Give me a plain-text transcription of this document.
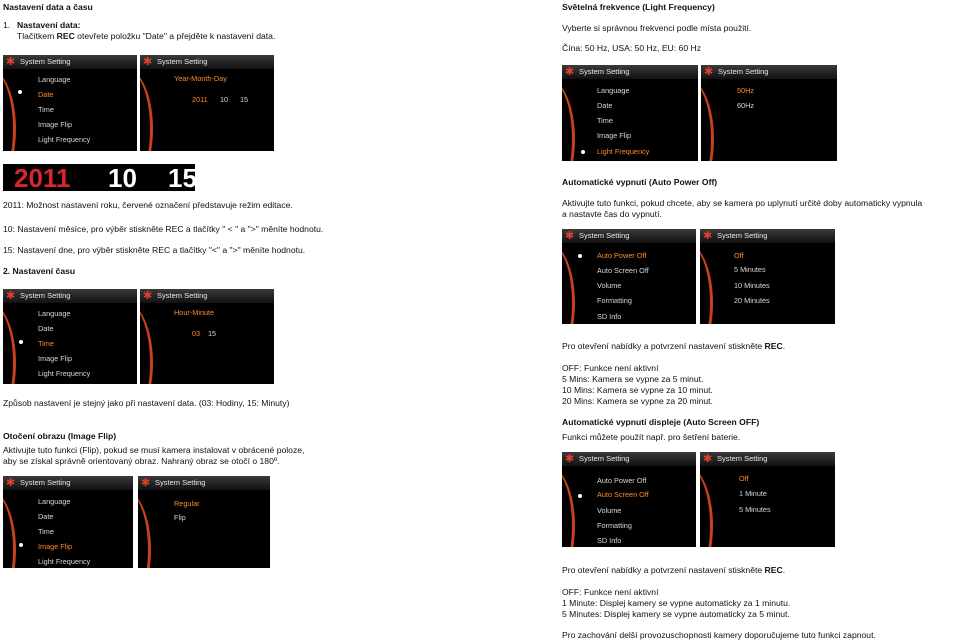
Nastavení data a času
1. Nastavení data:
Tlačítkem REC otevřete položku "Date" a přejděte k nastavení data.
✱ System Setting
Language
Date
Time
Image Flip
Light Frequency
✱ System Setting
Year-Month-Day
2011 10 15
2011 10 15
2011: Možnost nastavení roku, červené označení představuje režim editace.
10: Nastavení měsíce, pro výběr stiskněte REC a tlačítky " < " a ">" měníte hodnotu.
15: Nastavení dne, pro výběr stiskněte REC a tlačítky "<" a ">" měníte hodnotu.
2. Nastavení času
✱ System Setting
Language
Date
Time
Image Flip
Light Frequency
✱ System Setting
Hour-Minute
03 15
Způsob nastavení je stejný jako při nastavení data. (03: Hodiny, 15: Minuty)
Otočení obrazu (Image Flip)
Aktivujte tuto funkci (Flip), pokud se musí kamera instalovat v obrácené poloze,
aby se získal správně orientovaný obraz. Nahraný obraz se otočí o 180º.
✱ System Setting
Language
Date
Time
Image Flip
Light Frequency
✱ System Setting
Regular
Flip
Světelná frekvence (Light Frequency)
Vyberte si správnou frekvenci podle místa použití.
Čína: 50 Hz, USA: 50 Hz, EU: 60 Hz
✱ System Setting
Language
Date
Time
Image Flip
Light Frequency
✱ System Setting
50Hz
60Hz
Automatické vypnutí (Auto Power Off)
Aktivujte tuto funkci, pokud chcete, aby se kamera po uplynutí určité doby automaticky vypnula
a nastavte čas do vypnutí.
✱ System Setting
Auto Power Off
Auto Screen Off
Volume
Formatting
SD Info
✱ System Setting
Off
5 Minutes
10 Minutes
20 Minutes
Pro otevření nabídky a potvrzení nastavení stiskněte REC.
OFF: Funkce není aktivní
5 Mins: Kamera se vypne za 5 minut.
10 Mins: Kamera se vypne za 10 minut.
20 Mins: Kamera se vypne za 20 minut.
Automatické vypnutí displeje (Auto Screen OFF)
Funkci můžete použít např. pro šetření baterie.
✱ System Setting
Auto Power Off
Auto Screen Off
Volume
Formatting
SD Info
✱ System Setting
Off
1 Minute
5 Minutes
Pro otevření nabídky a potvrzení nastavení stiskněte REC.
OFF: Funkce není aktivní
1 Minute: Displej kamery se vypne automaticky za 1 minutu.
5 Minutes: Displej kamery se vypne automaticky za 5 minut.
Pro zachování delší provozuschopnosti kamery doporučujeme tuto funkci zapnout.
